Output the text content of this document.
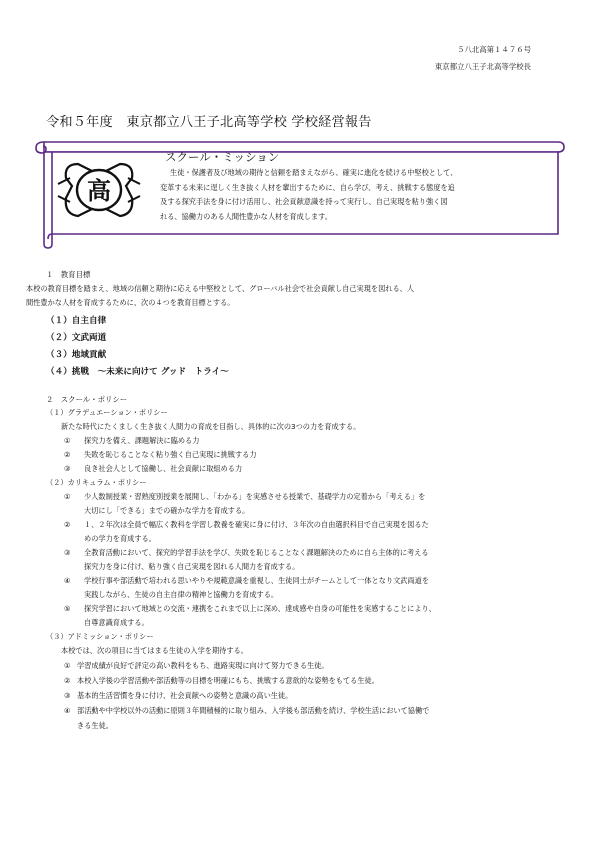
５八北高第１４７６号
東京都立八王子北高等学校長
令和５年度　東京都立八王子北高等学校 学校経営報告
高
スクール・ミッション
生徒・保護者及び地域の期待と信頼を踏まえながら、確実に進化を続ける中堅校として、
変革する未来に逞しく生き抜く人材を輩出するために、自ら学び、考え、挑戦する態度を追
及する探究手法を身に付け活用し、社会貢献意識を持って実行し、自己実現を粘り強く図
れる、協働力のある人間性豊かな人材を育成します。
１　教育目標
本校の教育目標を踏まえ、地域の信頼と期待に応える中堅校として、グローバル社会で社会貢献し自己実現を図れる、人
間性豊かな人材を育成するために、次の４つを教育目標とする。
（１）自主自律
（２）文武両道
（３）地域貢献
（４）挑戦　～未来に向けて グッド　トライ～
２　スクール・ポリシー
（１）グラデュエーション・ポリシー
新たな時代にたくましく生き抜く人間力の育成を目指し、具体的に次の3つの力を育成する。
① 探究力を備え、課題解決に臨める力
② 失敗を恥じることなく粘り強く自己実現に挑戦する力
③ 良き社会人として協働し、社会貢献に取組める力
（２）カリキュラム・ポリシー
① 少人数制授業・習熟度別授業を展開し、「わかる」を実感させる授業で、基礎学力の定着から「考える」を
大切にし「できる」までの確かな学力を育成する。
② １、２年次は全員で幅広く教科を学習し教養を確実に身に付け、３年次の自由選択科目で自己実現を図るた
めの学力を育成する。
③ 全教育活動において、探究的学習手法を学び、失敗を恥じることなく課題解決のために自ら主体的に考える
探究力を身に付け、粘り強く自己実現を図れる人間力を育成する。
④ 学校行事や部活動で培われる思いやりや規範意識を重視し、生徒同士がチームとして一体となり文武両道を
実践しながら、生徒の自主自律の精神と協働力を育成する。
⑤ 探究学習において地域との交流・連携をこれまで以上に深め、達成感や自身の可能性を実感することにより、
自尊意識育成する。
（３）アドミッション・ポリシー
本校では、次の項目に当てはまる生徒の入学を期待する。
① 学習成績が良好で評定の高い教科をもち、進路実現に向けて努力できる生徒。
② 本校入学後の学習活動や部活動等の目標を明確にもち、挑戦する意欲的な姿勢をもてる生徒。
③ 基本的生活習慣を身に付け、社会貢献への姿勢と意識の高い生徒。
④ 部活動や中学校以外の活動に原則３年間積極的に取り組み、入学後も部活動を続け、学校生活において協働で
きる生徒。
